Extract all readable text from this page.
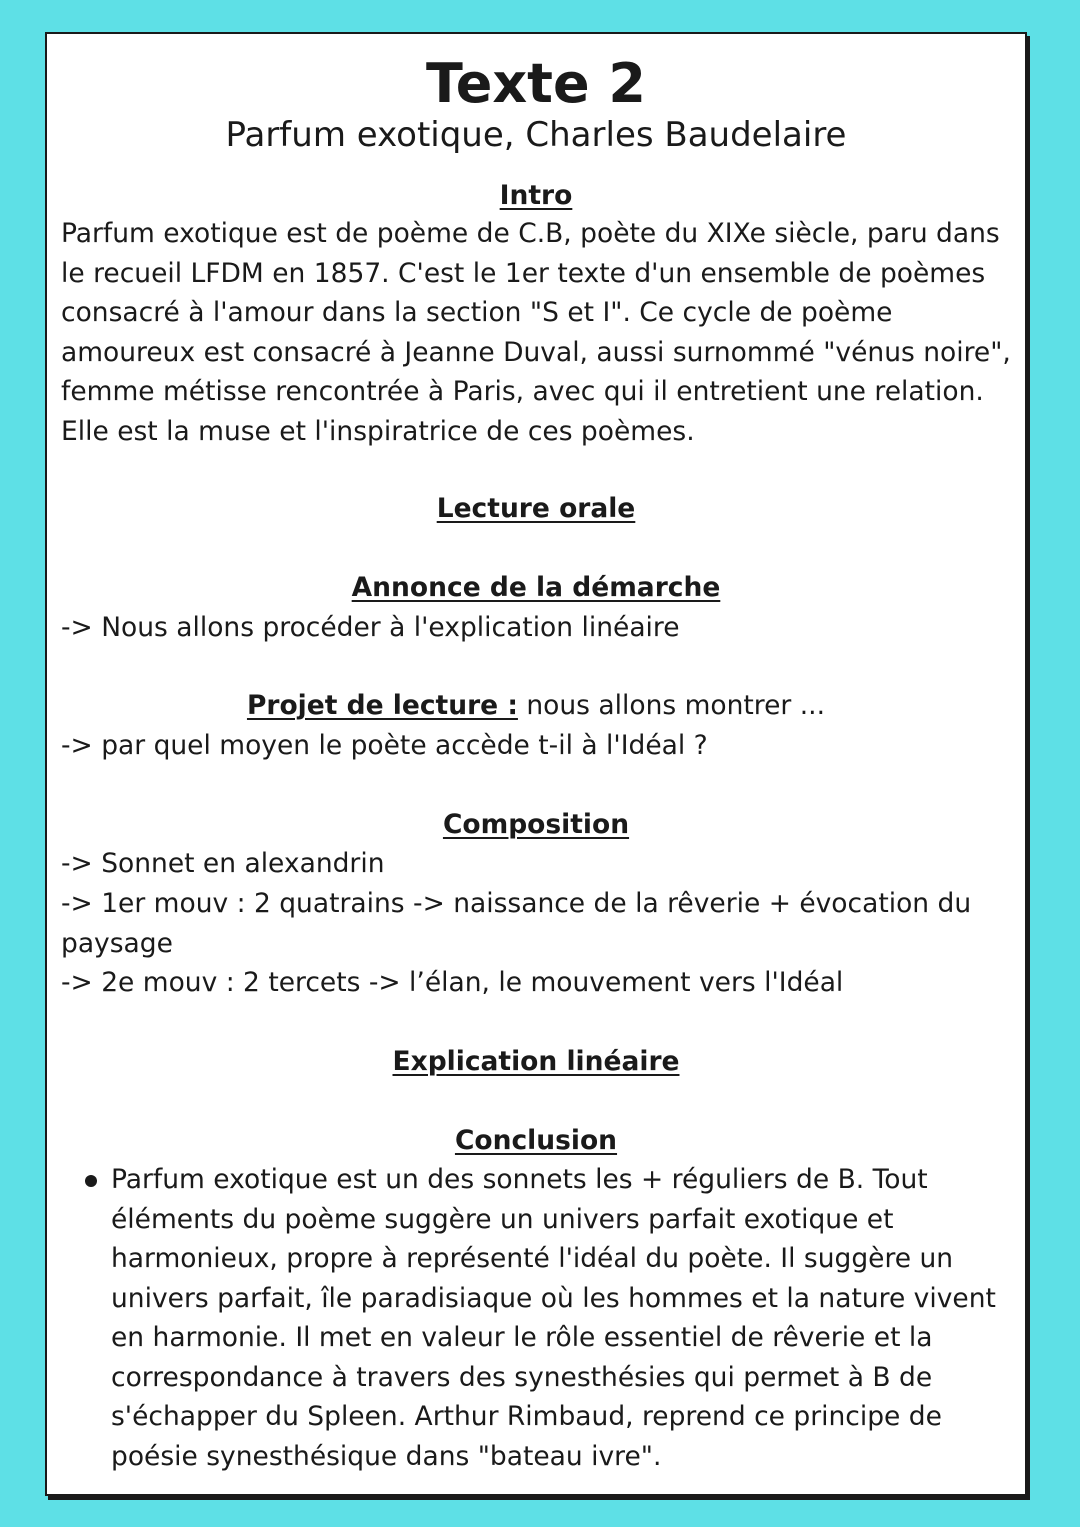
Texte 2
Parfum exotique, Charles Baudelaire
Intro
Parfum exotique est de poème de C.B, poète du XIXe siècle, paru dans le recueil LFDM en 1857. C'est le 1er texte d'un ensemble de poèmes consacré à l'amour dans la section "S et I". Ce cycle de poème amoureux est consacré à Jeanne Duval, aussi surnommé "vénus noire", femme métisse rencontrée à Paris, avec qui il entretient une relation. Elle est la muse et l'inspiratrice de ces poèmes.
Lecture orale
Annonce de la démarche
-> Nous allons procéder à l'explication linéaire
Projet de lecture : nous allons montrer ...
-> par quel moyen le poète accède t-il à l'Idéal ?
Composition
-> Sonnet en alexandrin
-> 1er mouv : 2 quatrains -> naissance de la rêverie + évocation du paysage
-> 2e mouv : 2 tercets -> l’élan, le mouvement vers l'Idéal
Explication linéaire
Conclusion
Parfum exotique est un des sonnets les + réguliers de B. Tout éléments du poème suggère un univers parfait exotique et harmonieux, propre à représenté l'idéal du poète. Il suggère un univers parfait, île paradisiaque où les hommes et la nature vivent en harmonie. Il met en valeur le rôle essentiel de rêverie et la correspondance à travers des synesthésies qui permet à B de s'échapper du Spleen. Arthur Rimbaud, reprend ce principe de poésie synesthésique dans "bateau ivre".
